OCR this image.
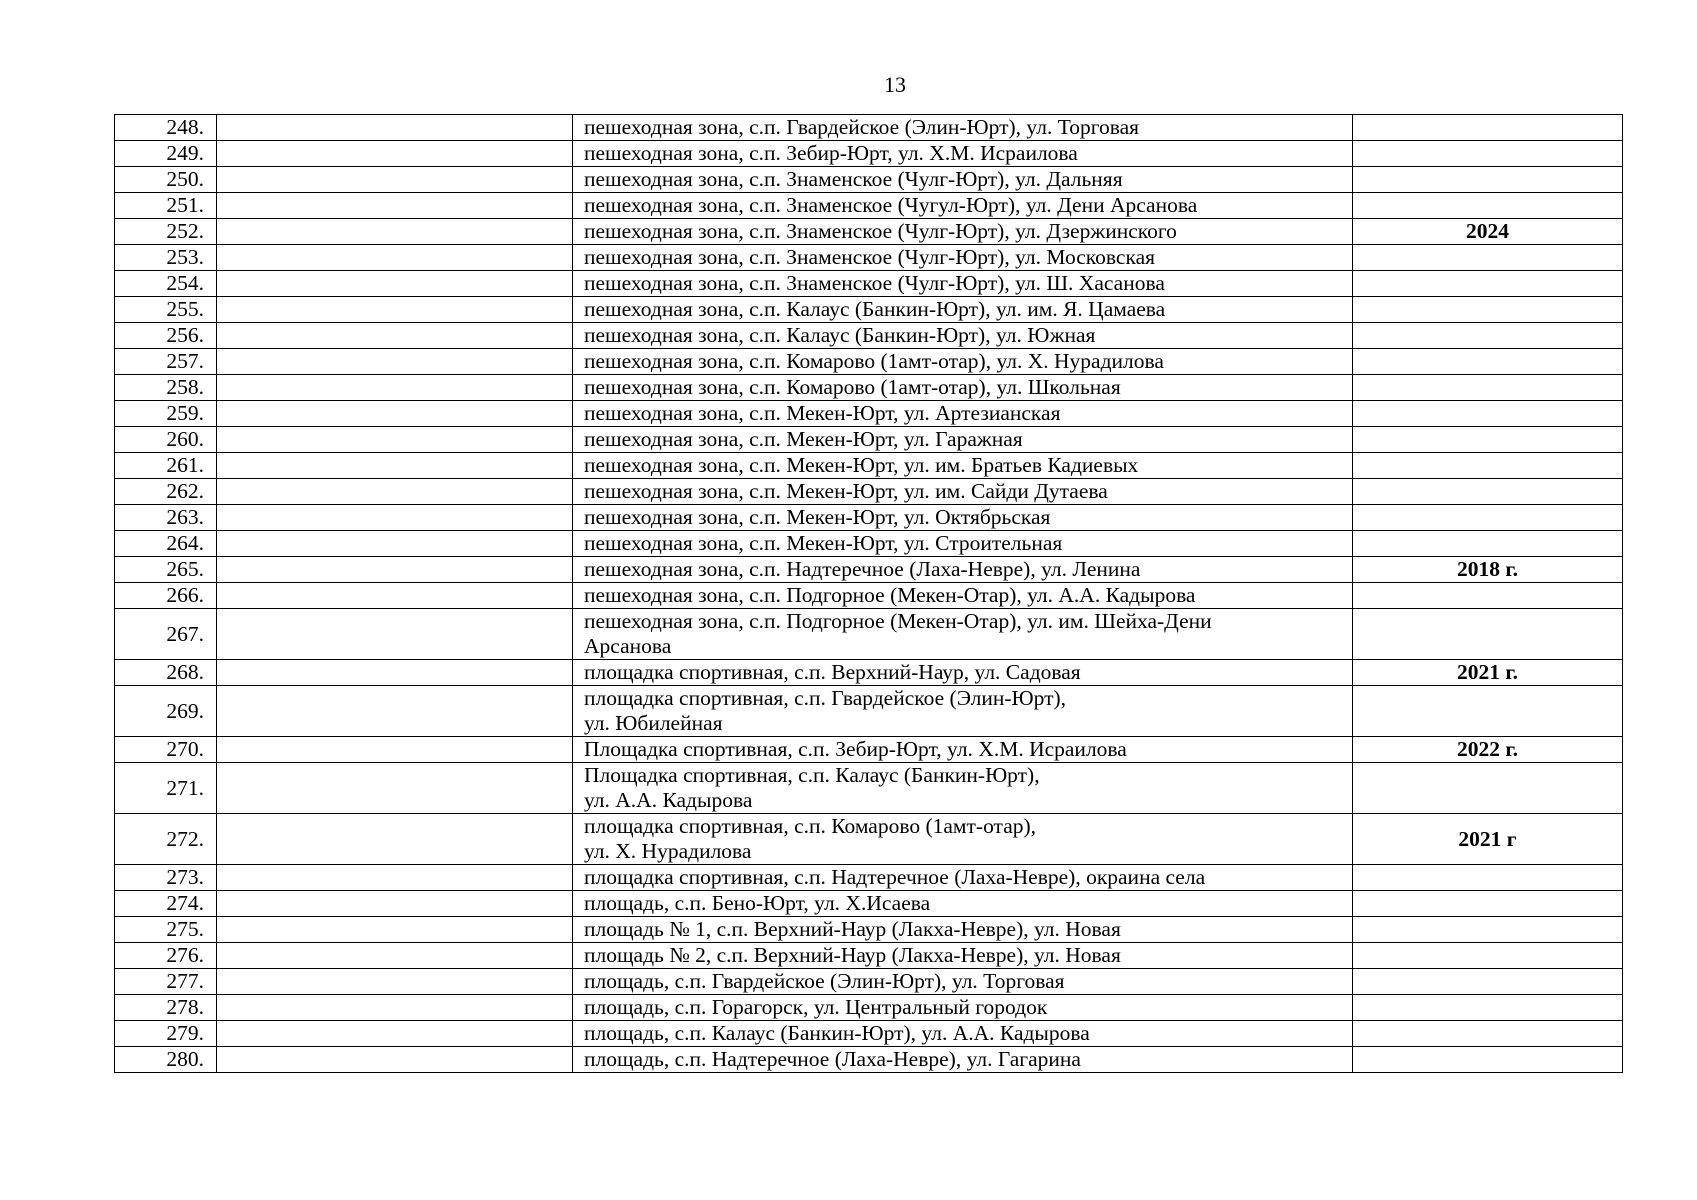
13
248.		пешеходная зона, с.п. Гвардейское (Элин-Юрт), ул. Торговая	
249.		пешеходная зона, с.п. Зебир-Юрт, ул. Х.М. Исраилова	
250.		пешеходная зона, с.п. Знаменское (Чулг-Юрт), ул. Дальняя	
251.		пешеходная зона, с.п. Знаменское (Чугул-Юрт), ул. Дени Арсанова	
252.		пешеходная зона, с.п. Знаменское (Чулг-Юрт), ул. Дзержинского	2024
253.		пешеходная зона, с.п. Знаменское (Чулг-Юрт), ул. Московская	
254.		пешеходная зона, с.п. Знаменское (Чулг-Юрт), ул. Ш. Хасанова	
255.		пешеходная зона, с.п. Калаус (Банкин-Юрт), ул. им. Я. Цамаева	
256.		пешеходная зона, с.п. Калаус (Банкин-Юрт), ул. Южная	
257.		пешеходная зона, с.п. Комарово (1амт-отар), ул. Х. Нурадилова	
258.		пешеходная зона, с.п. Комарово (1амт-отар), ул. Школьная	
259.		пешеходная зона, с.п. Мекен-Юрт, ул. Артезианская	
260.		пешеходная зона, с.п. Мекен-Юрт, ул. Гаражная	
261.		пешеходная зона, с.п. Мекен-Юрт, ул. им. Братьев Кадиевых	
262.		пешеходная зона, с.п. Мекен-Юрт, ул. им. Сайди Дутаева	
263.		пешеходная зона, с.п. Мекен-Юрт, ул. Октябрьская	
264.		пешеходная зона, с.п. Мекен-Юрт, ул. Строительная	
265.		пешеходная зона, с.п. Надтеречное (Лаха-Невре), ул. Ленина	2018 г.
266.		пешеходная зона, с.п. Подгорное (Мекен-Отар), ул. А.А. Кадырова	
267.		пешеходная зона, с.п. Подгорное (Мекен-Отар), ул. им. Шейха-Дени
Арсанова	
268.		площадка спортивная, с.п. Верхний-Наур, ул. Садовая	2021 г.
269.		площадка спортивная, с.п. Гвардейское (Элин-Юрт),
ул. Юбилейная	
270.		Площадка спортивная, с.п. Зебир-Юрт, ул. Х.М. Исраилова	2022 г.
271.		Площадка спортивная, с.п. Калаус (Банкин-Юрт),
ул. А.А. Кадырова	
272.		площадка спортивная, с.п. Комарово (1амт-отар),
ул. Х. Нурадилова	2021 г
273.		площадка спортивная, с.п. Надтеречное (Лаха-Невре), окраина села	
274.		площадь, с.п. Бено-Юрт, ул. Х.Исаева	
275.		площадь № 1, с.п. Верхний-Наур (Лакха-Невре), ул. Новая	
276.		площадь № 2, с.п. Верхний-Наур (Лакха-Невре), ул. Новая	
277.		площадь, с.п. Гвардейское (Элин-Юрт), ул. Торговая	
278.		площадь, с.п. Горагорск, ул. Центральный городок	
279.		площадь, с.п. Калаус (Банкин-Юрт), ул. А.А. Кадырова	
280.		площадь, с.п. Надтеречное (Лаха-Невре), ул. Гагарина	
